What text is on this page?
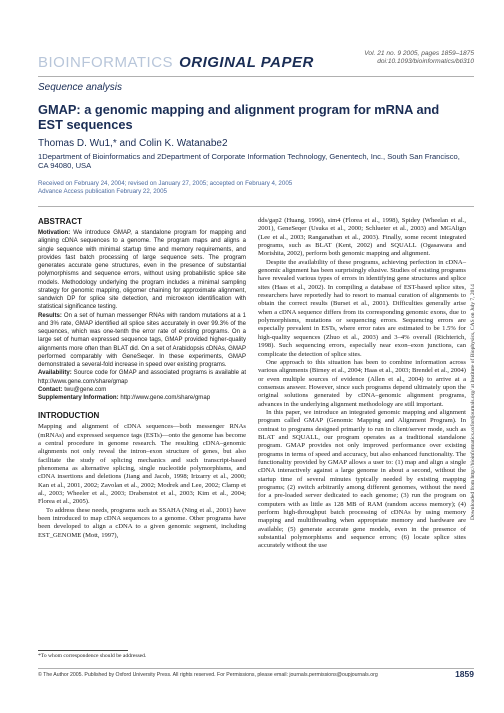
BIOINFORMATICS ORIGINAL PAPER
Vol. 21 no. 9 2005, pages 1859–1875
doi:10.1093/bioinformatics/bti310
Sequence analysis
GMAP: a genomic mapping and alignment program for mRNA and EST sequences
Thomas D. Wu1,* and Colin K. Watanabe2
1Department of Bioinformatics and 2Department of Corporate Information Technology, Genentech, Inc., South San Francisco, CA 94080, USA
Received on February 24, 2004; revised on January 27, 2005; accepted on February 4, 2005
Advance Access publication February 22, 2005
ABSTRACT

Motivation: We introduce GMAP, a standalone program for mapping and aligning cDNA sequences to a genome. The program maps and aligns a single sequence with minimal startup time and memory requirements, and provides fast batch processing of large sequence sets. The program generates accurate gene structures, even in the presence of substantial polymorphisms and sequence errors, without using probabilistic splice site models. Methodology underlying the program includes a minimal sampling strategy for genomic mapping, oligomer chaining for approximate alignment, sandwich DP for splice site detection, and microexon identification with statistical significance testing.

Results: On a set of human messenger RNAs with random mutations at a 1 and 3% rate, GMAP identified all splice sites accurately in over 99.3% of the sequences, which was one-tenth the error rate of existing programs. On a large set of human expressed sequence tags, GMAP provided higher-quality alignments more often than BLAT did. On a set of Arabidopsis cDNAs, GMAP performed comparably with GeneSeqer. In these experiments, GMAP demonstrated a several-fold increase in speed over existing programs.

Availability: Source code for GMAP and associated programs is available at http://www.gene.com/share/gmap

Contact: twu@gene.com

Supplementary Information: http://www.gene.com/share/gmap

INTRODUCTION

Mapping and alignment of cDNA sequences—both messenger RNAs (mRNAs) and expressed sequence tags (ESTs)—onto the genome has become a central procedure in genome research. The resulting cDNA–genomic alignments not only reveal the intron–exon structure of genes, but also facilitate the study of splicing mechanics and such transcript-based phenomena as alternative splicing, single nucleotide polymorphisms, and cDNA insertions and deletions (Jiang and Jacob, 1998; Irizarry et al., 2000; Kan et al., 2001, 2002; Zavolan et al., 2002; Modrek and Lee, 2002; Clamp et al., 2003; Wheeler et al., 2003; Drabenstot et al., 2003; Kim et al., 2004; Florea et al., 2005).

To address these needs, programs such as SSAHA (Ning et al., 2001) have been introduced to map cDNA sequences to a genome. Other programs have been developed to align a cDNA to a given genomic segment, including EST_GENOME (Mott, 1997),

*To whom correspondence should be addressed.

dds/gap2 (Huang, 1996), sim4 (Florea et al., 1998), Spidey (Wheelan et al., 2001), GeneSeqer (Usuka et al., 2000; Schlueter et al., 2003) and MGAlign (Lee et al., 2003; Ranganathan et al., 2003). Finally, some recent integrated programs, such as BLAT (Kent, 2002) and SQUALL (Ogasawara and Morishita, 2002), perform both genomic mapping and alignment.

Despite the availability of these programs, achieving perfection in cDNA–genomic alignment has been surprisingly elusive. Studies of existing programs have revealed various types of errors in identifying gene structures and splice sites (Haas et al., 2002). In compiling a database of EST-based splice sites, researchers have reportedly had to resort to manual curation of alignments to obtain the correct results (Burset et al., 2001). Difficulties generally arise when a cDNA sequence differs from its corresponding genomic exons, due to polymorphisms, mutations or sequencing errors. Sequencing errors are especially prevalent in ESTs, where error rates are estimated to be 1.5% for high-quality sequences (Zhuo et al., 2003) and 3–4% overall (Richterich, 1998). Such sequencing errors, especially near exon–exon junctions, can complicate the detection of splice sites.

One approach to this situation has been to combine information across various alignments (Birney et al., 2004; Haas et al., 2003; Brendel et al., 2004) or even multiple sources of evidence (Allen et al., 2004) to arrive at a consensus answer. However, since such programs depend ultimately upon the original solutions generated by cDNA–genomic alignment programs, advances in the underlying alignment methodology are still important.

In this paper, we introduce an integrated genomic mapping and alignment program called GMAP (Genomic Mapping and Alignment Program). In contrast to programs designed primarily to run in client/server mode, such as BLAT and SQUALL, our program operates as a traditional standalone program. GMAP provides not only improved performance over existing programs in terms of speed and accuracy, but also enhanced functionality. The functionality provided by GMAP allows a user to: (1) map and align a single cDNA interactively against a large genome in about a second, without the startup time of several minutes typically needed by existing mapping programs; (2) switch arbitrarily among different genomes, without the need for a pre-loaded server dedicated to each genome; (3) run the program on computers with as little as 128 MB of RAM (random access memory); (4) perform high-throughput batch processing of cDNAs by using memory mapping and multithreading when appropriate memory and hardware are available; (5) generate accurate gene models, even in the presence of substantial polymorphisms and sequence errors; (6) locate splice sites accurately without the use

© The Author 2005. Published by Oxford University Press. All rights reserved. For Permissions, please email: journals.permissions@oupjournals.org	1859
Downloaded from http://bioinformatics.oxfordjournals.org/ at Institute of Biophysics, CAS on July 7, 2014
